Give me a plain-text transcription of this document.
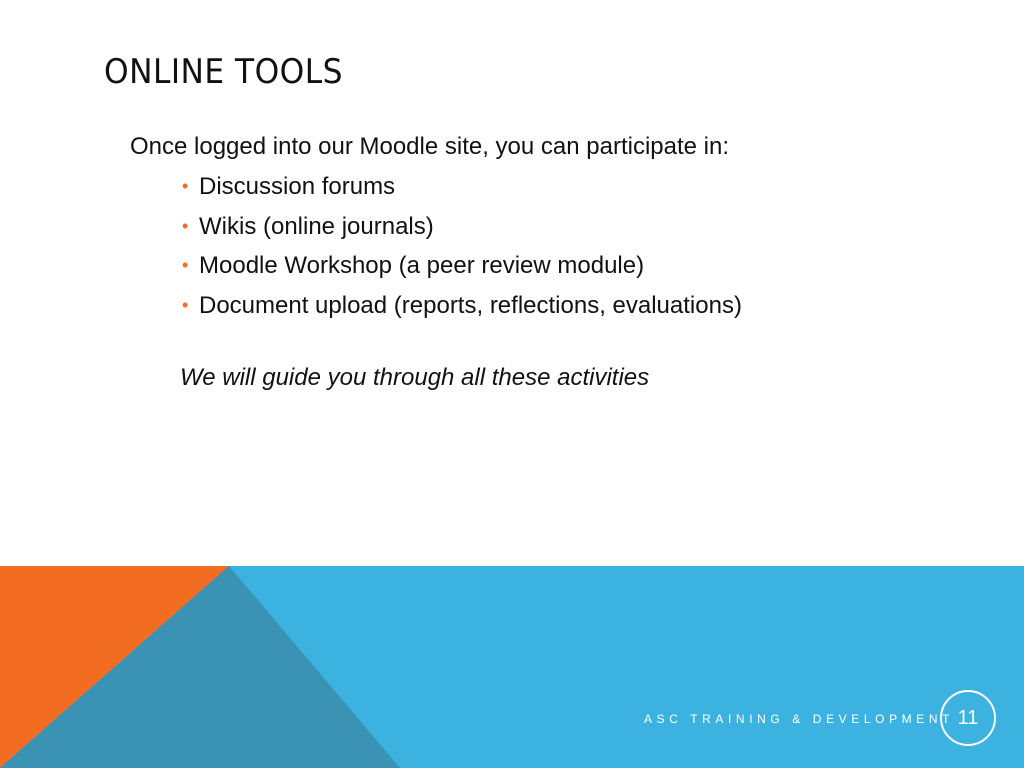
ONLINE TOOLS

Once logged into our Moodle site, you can participate in:

• Discussion forums
• Wikis (online journals)
• Moodle Workshop (a peer review module)
• Document upload (reports, reflections, evaluations)

We will guide you through all these activities

ASC TRAINING & DEVELOPMENT 11
